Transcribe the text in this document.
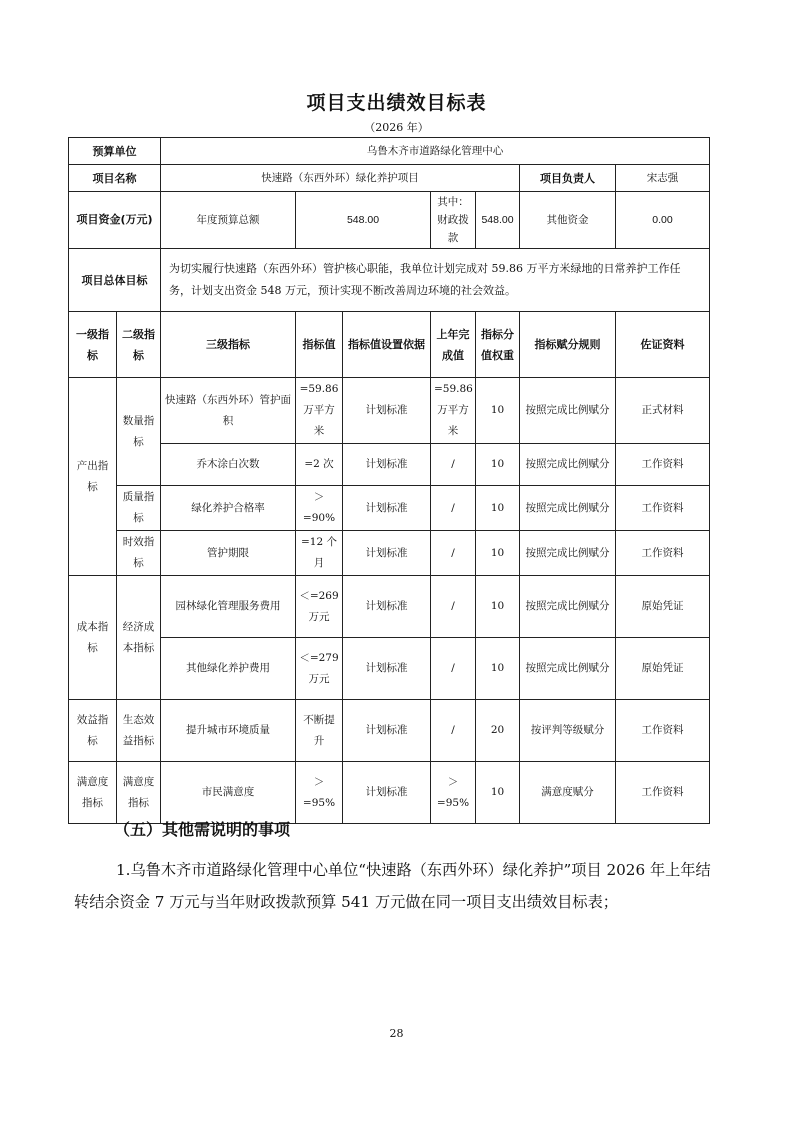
项目支出绩效目标表
（2026 年）
预算单位		乌鲁木齐市道路绿化管理中心						
项目名称		快速路（东西外环）绿化养护项目					项目负责人	宋志强
项目资金(万元)		年度预算总额	548.00		其中：财政拨款	548.00	其他资金	0.00
项目总体目标		为切实履行快速路（东西外环）管护核心职能，我单位计划完成对 59.86 万平方米绿地的日常养护工作任务，计划支出资金 548 万元，预计实现不断改善周边环境的社会效益。						
一级指标	二级指标	三级指标	指标值	指标值设置依据	上年完成值	指标分值权重	指标赋分规则	佐证资料
产出指标	数量指标	快速路（东西外环）管护面积	=59.86 万平方米	计划标准	=59.86 万平方米	10	按照完成比例赋分	正式材料
		乔木涂白次数	=2 次	计划标准	/	10	按照完成比例赋分	工作资料
	质量指标	绿化养护合格率	＞=90%	计划标准	/	10	按照完成比例赋分	工作资料
	时效指标	管护期限	=12 个月	计划标准	/	10	按照完成比例赋分	工作资料
成本指标	经济成本指标	园林绿化管理服务费用	＜=269 万元	计划标准	/	10	按照完成比例赋分	原始凭证
		其他绿化养护费用	＜=279 万元	计划标准	/	10	按照完成比例赋分	原始凭证
效益指标	生态效益指标	提升城市环境质量	不断提升	计划标准	/	20	按评判等级赋分	工作资料
满意度指标	满意度指标	市民满意度	＞=95%	计划标准	＞=95%	10	满意度赋分	工作资料
（五）其他需说明的事项
1.乌鲁木齐市道路绿化管理中心单位“快速路（东西外环）绿化养护”项目 2026 年上年结转结余资金 7 万元与当年财政拨款预算 541 万元做在同一项目支出绩效目标表；
28
